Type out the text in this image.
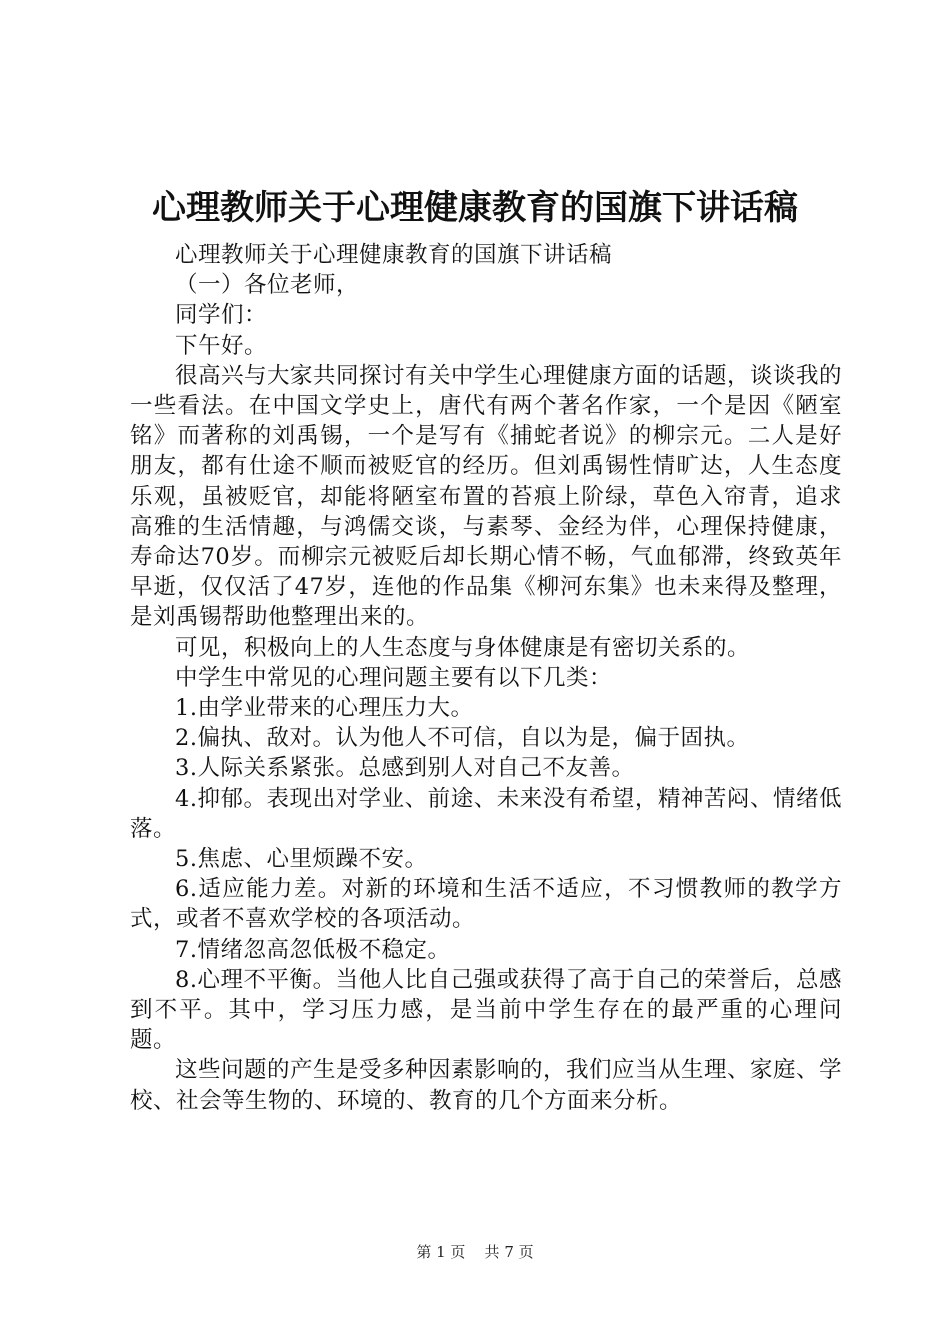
心理教师关于心理健康教育的国旗下讲话稿

心理教师关于心理健康教育的国旗下讲话稿

（一）各位老师，

同学们：

下午好。

很高兴与大家共同探讨有关中学生心理健康方面的话题，谈谈我的一些看法。在中国文学史上，唐代有两个著名作家，一个是因《陋室铭》而著称的刘禹锡，一个是写有《捕蛇者说》的柳宗元。二人是好朋友，都有仕途不顺而被贬官的经历。但刘禹锡性情旷达，人生态度乐观，虽被贬官，却能将陋室布置的苔痕上阶绿，草色入帘青，追求高雅的生活情趣，与鸿儒交谈，与素琴、金经为伴，心理保持健康，寿命达70岁。而柳宗元被贬后却长期心情不畅，气血郁滞，终致英年早逝，仅仅活了47岁，连他的作品集《柳河东集》也未来得及整理，是刘禹锡帮助他整理出来的。

可见，积极向上的人生态度与身体健康是有密切关系的。

中学生中常见的心理问题主要有以下几类：

1.由学业带来的心理压力大。

2.偏执、敌对。认为他人不可信，自以为是，偏于固执。

3.人际关系紧张。总感到别人对自己不友善。

4.抑郁。表现出对学业、前途、未来没有希望，精神苦闷、情绪低落。

5.焦虑、心里烦躁不安。

6.适应能力差。对新的环境和生活不适应，不习惯教师的教学方式，或者不喜欢学校的各项活动。

7.情绪忽高忽低极不稳定。

8.心理不平衡。当他人比自己强或获得了高于自己的荣誉后，总感到不平。其中，学习压力感，是当前中学生存在的最严重的心理问题。

这些问题的产生是受多种因素影响的，我们应当从生理、家庭、学校、社会等生物的、环境的、教育的几个方面来分析。

第 1 页 共 7 页
